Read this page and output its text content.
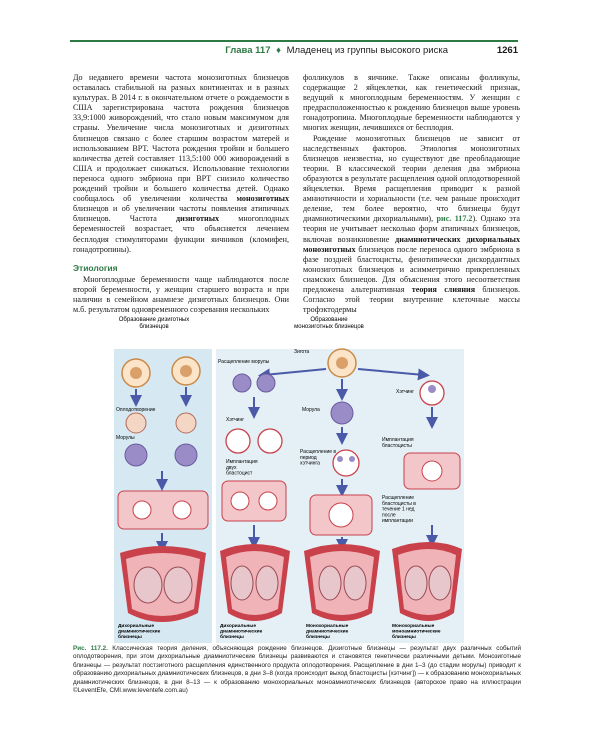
Глава 117 ♦ Младенец из группы высокого риска	1261

До недавнего времени частота монозиготных близнецов оставалась стабильной на разных континентах и в разных культурах. В 2014 г. в окончательном отчете о рождаемости в США зарегистрирована частота рождения близнецов 33,9:1000 живорождений, что стало новым максимумом для страны. Увеличение числа монозиготных и дизиготных близнецов связано с более старшим возрастом матерей и использованием ВРТ. Частота рождения тройни и большего количества детей составляет 113,5:100 000 живорождений в США и продолжает снижаться. Использование технологии переноса одного эмбриона при ВРТ снизило количество рождений тройни и большего количества детей. Однако сообщалось об увеличении количества монозиготных близнецов и об увеличении частоты появления атипичных близнецов. Частота дизиготных многоплодных беременностей возрастает, что объясняется лечением бесплодия стимуляторами функции яичников (кломифен, гонадотропины).

Этиология

Многоплодные беременности чаще наблюдаются после второй беременности, у женщин старшего возраста и при наличии в семейном анамнезе дизиготных близнецов. Они м.б. результатом одновременного созревания нескольких

фолликулов в яичнике. Также описаны фолликулы, содержащие 2 яйцеклетки, как генетический признак, ведущий к многоплодным беременностям. У женщин с предрасположенностью к рождению близнецов выше уровень гонадотропина. Многоплодные беременности наблюдаются у многих женщин, лечившихся от бесплодия.

Рождение монозиготных близнецов не зависит от наследственных факторов. Этиология монозиготных близнецов неизвестна, но существуют две преобладающие теории. В классической теории деления два эмбриона образуются в результате расщепления одной оплодотворенной яйцеклетки. Время расщепления приводит к разной амниотичности и хориальности (т.е. чем раньше происходит деление, тем более вероятно, что близнецы будут диамниотическими дихориальными), рис. 117.2). Однако эта теория не учитывает несколько форм атипичных близнецов, включая возникновение диамниотических дихориальных монозиготных близнецов после переноса одного эмбриона в фазе поздней бластоцисты, фенотипически дискордантных монозиготных близнецов и асимметрично прикрепленных сиамских близнецов. Для объяснения этого несоответствия предложена альтернативная теория слияния близнецов. Согласно этой теории внутренние клеточные массы трофэктодермы

Образование дизиготных близнецов
Образование монозиготных близнецов
Оплодотворение
Морулы
Дихориальные диамниотические близнецы
Зигота
Расщепление морулы
Хэтчинг
Имплантация двух бластоцист
Дихориальные диамниотические близнецы
Морула
Расщепление в период хэтчинга
Монохориальные диамниотические близнецы
Хэтчинг
Имплантация бластоцисты
Расщепление бластоцисты в течение 1 нед после имплантации
Монохориальные моноамниотические близнецы
Рис. 117.2. Классическая теория деления, объясняющая рождение близнецов. Дизиготные близнецы — результат двух различных событий оплодотворения, при этом дихориальные диамниотические близнецы развиваются и становятся генетически различными детьми. Монозиготные близнецы — результат постзиготного расщепления единственного продукта оплодотворения. Расщепление в дни 1–3 (до стадии морулы) приводит к образованию дихориальных диамниотических близнецов, в дни 3–8 (когда происходит выход бластоцисты [хэтчинг]) — к образованию монохориальных диамниотических близнецов, в дни 8–13 — к образованию монохориальных моноамниотических близнецов (авторское право на иллюстрации ©LeventEfe, CMI.www.leventefe.com.au)
